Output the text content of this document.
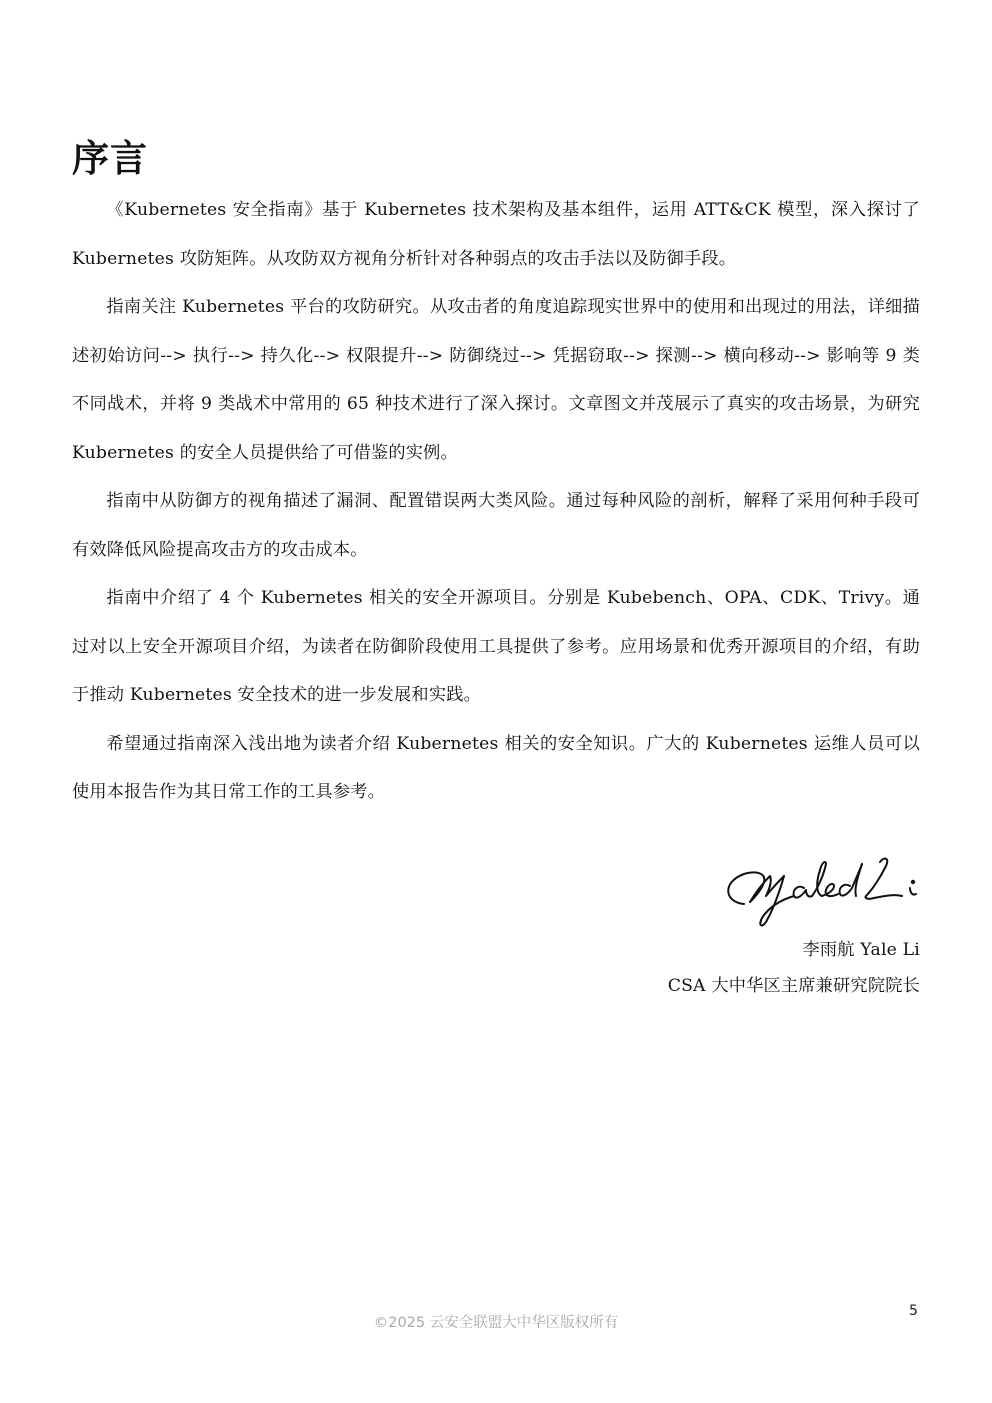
序言

《Kubernetes 安全指南》基于 Kubernetes 技术架构及基本组件，运用 ATT&CK 模型，深入探讨了 Kubernetes 攻防矩阵。从攻防双方视角分析针对各种弱点的攻击手法以及防御手段。

指南关注 Kubernetes 平台的攻防研究。从攻击者的角度追踪现实世界中的使用和出现过的用法，详细描述初始访问--> 执行--> 持久化--> 权限提升--> 防御绕过--> 凭据窃取--> 探测--> 横向移动--> 影响等 9 类不同战术，并将 9 类战术中常用的 65 种技术进行了深入探讨。文章图文并茂展示了真实的攻击场景，为研究 Kubernetes 的安全人员提供给了可借鉴的实例。

指南中从防御方的视角描述了漏洞、配置错误两大类风险。通过每种风险的剖析，解释了采用何种手段可有效降低风险提高攻击方的攻击成本。

指南中介绍了 4 个 Kubernetes 相关的安全开源项目。分别是 Kubebench、OPA、CDK、Trivy。通过对以上安全开源项目介绍，为读者在防御阶段使用工具提供了参考。应用场景和优秀开源项目的介绍，有助于推动 Kubernetes 安全技术的进一步发展和实践。

希望通过指南深入浅出地为读者介绍 Kubernetes 相关的安全知识。广大的 Kubernetes 运维人员可以使用本报告作为其日常工作的工具参考。

李雨航 Yale Li
CSA 大中华区主席兼研究院院长
©2025 云安全联盟大中华区版权所有
5
